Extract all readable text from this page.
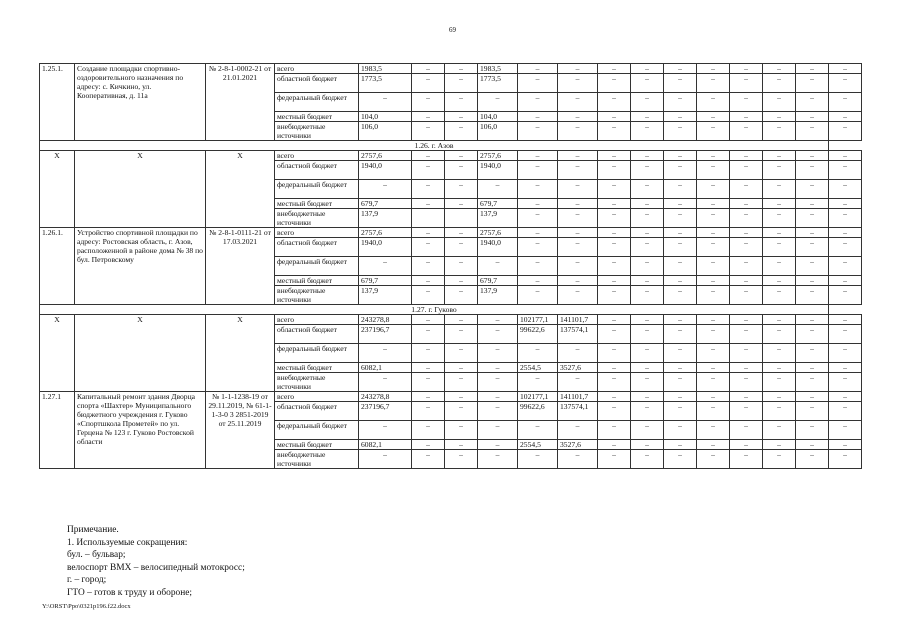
69
1.25.1.	Создание площадки спортивно-оздоровительного назначения по адресу: с. Кичкино, ул. Кооперативная, д. 11а	№ 2-8-1-0002-21 от 21.01.2021	всего	1983,5	–	–	1983,5	–	–	–	–	–	–	–	–	–	–
			областной бюджет	1773,5	–	–	1773,5	–	–	–	–	–	–	–	–	–	–
			федеральный бюджет	–	–	–	–	–	–	–	–	–	–	–	–	–	–
			местный бюджет	104,0	–	–	104,0	–	–	–	–	–	–	–	–	–	–
			внебюджетные источники	106,0	–	–	106,0	–	–	–	–	–	–	–	–	–	–
1.26. г. Азов																	
Х	Х	Х	всего	2757,6	–	–	2757,6	–	–	–	–	–	–	–	–	–	–
			областной бюджет	1940,0	–	–	1940,0	–	–	–	–	–	–	–	–	–	–
			федеральный бюджет	–	–	–	–	–	–	–	–	–	–	–	–	–	–
			местный бюджет	679,7	–	–	679,7	–	–	–	–	–	–	–	–	–	–
			внебюджетные источники	137,9			137,9	–	–	–	–	–	–	–	–	–	–
1.26.1.	Устройство спортивной площадки по адресу: Ростовская область, г. Азов, расположенной в районе дома № 38 по бул. Петровскому	№ 2-8-1-0111-21 от 17.03.2021	всего	2757,6	–	–	2757,6	–	–	–	–	–	–	–	–	–	–
			областной бюджет	1940,0	–	–	1940,0	–	–	–	–	–	–	–	–	–	–
			федеральный бюджет	–	–	–	–	–	–	–	–	–	–	–	–	–	–
			местный бюджет	679,7	–	–	679,7	–	–	–	–	–	–	–	–	–	–
			внебюджетные источники	137,9	–	–	137,9	–	–	–	–	–	–	–	–	–	–
1.27. г. Гуково																	
Х	Х	Х	всего	243278,8	–	–	–	102177,1	141101,7	–	–	–	–	–	–	–	–
			областной бюджет	237196,7	–	–	–	99622,6	137574,1	–	–	–	–	–	–	–	–
			федеральный бюджет	–	–	–	–	–	–	–	–	–	–	–	–	–	–
			местный бюджет	6082,1	–	–	–	2554,5	3527,6	–	–	–	–	–	–	–	–
			внебюджетные источники	–	–	–	–	–	–	–	–	–	–	–	–	–	–
1.27.1	Капитальный ремонт здания Дворца спорта «Шахтер» Муниципального бюджетного учреждения г. Гуково «Спортшкола Прометей» по ул. Герцена № 123 г. Гуково Ростовской области	№ 1-1-1238-19 от 29.11.2019, № 61-1-1-3-0 3 2851-2019 от 25.11.2019	всего	243278,8	–	–	–	102177,1	141101,7	–	–	–	–	–	–	–	–
			областной бюджет	237196,7	–	–	–	99622,6	137574,1	–	–	–	–	–	–	–	–
			федеральный бюджет	–	–	–	–	–	–	–	–	–	–	–	–	–	–
			местный бюджет	6082,1	–	–	–	2554,5	3527,6	–	–	–	–	–	–	–	–
			внебюджетные источники	–	–	–	–	–	–	–	–	–	–	–	–	–	–
Примечание.
1. Используемые сокращения:
бул. – бульвар;
велоспорт ВМХ – велосипедный мотокросс;
г. – город;
ГТО – готов к труду и обороне;
Y:\ORST\Ppo\0321p196.f22.docx
